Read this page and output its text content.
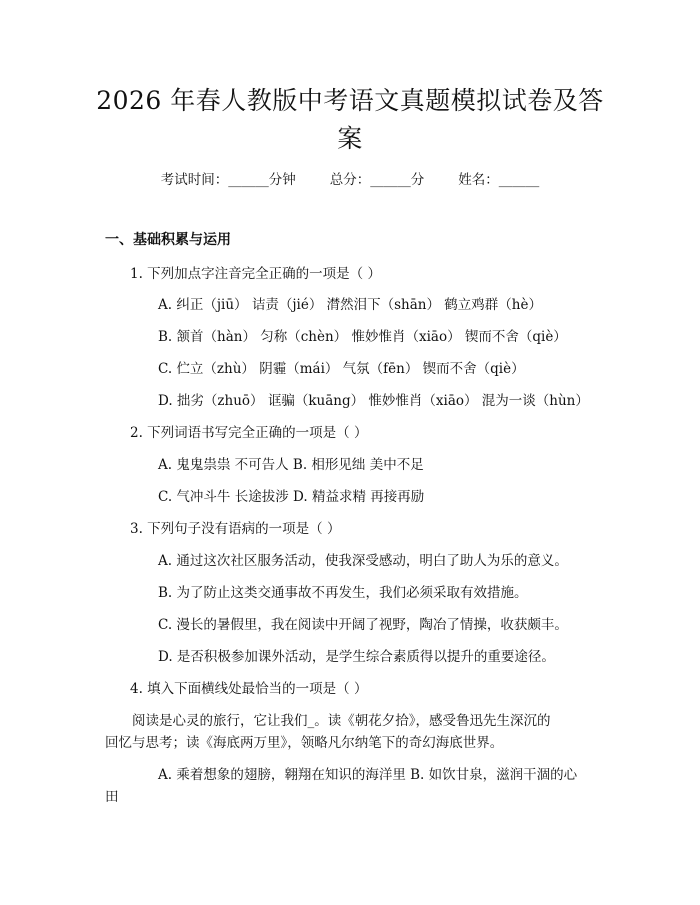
2026 年春人教版中考语文真题模拟试卷及答
案
考试时间：______分钟	总分：______分	姓名：______
一、基础积累与运用
1. 下列加点字注音完全正确的一项是（ ）
A. 纠正（jiū） 诘责（jié） 潸然泪下（shān） 鹤立鸡群（hè）
B. 颔首（hàn） 匀称（chèn） 惟妙惟肖（xiāo） 锲而不舍（qiè）
C. 伫立（zhù） 阴霾（mái） 气氛（fēn） 锲而不舍（qiè）
D. 拙劣（zhuō） 诓骗（kuāng） 惟妙惟肖（xiāo） 混为一谈（hùn）
2. 下列词语书写完全正确的一项是（ ）
A. 鬼鬼祟祟 不可告人 B. 相形见绌 美中不足
C. 气冲斗牛 长途拔涉 D. 精益求精 再接再励
3. 下列句子没有语病的一项是（ ）
A. 通过这次社区服务活动，使我深受感动，明白了助人为乐的意义。
B. 为了防止这类交通事故不再发生，我们必须采取有效措施。
C. 漫长的暑假里，我在阅读中开阔了视野，陶冶了情操，收获颇丰。
D. 是否积极参加课外活动，是学生综合素质得以提升的重要途径。
4. 填入下面横线处最恰当的一项是（ ）
阅读是心灵的旅行，它让我们_。读《朝花夕拾》，感受鲁迅先生深沉的
回忆与思考；读《海底两万里》，领略凡尔纳笔下的奇幻海底世界。
A. 乘着想象的翅膀，翱翔在知识的海洋里 B. 如饮甘泉，滋润干涸的心
田
